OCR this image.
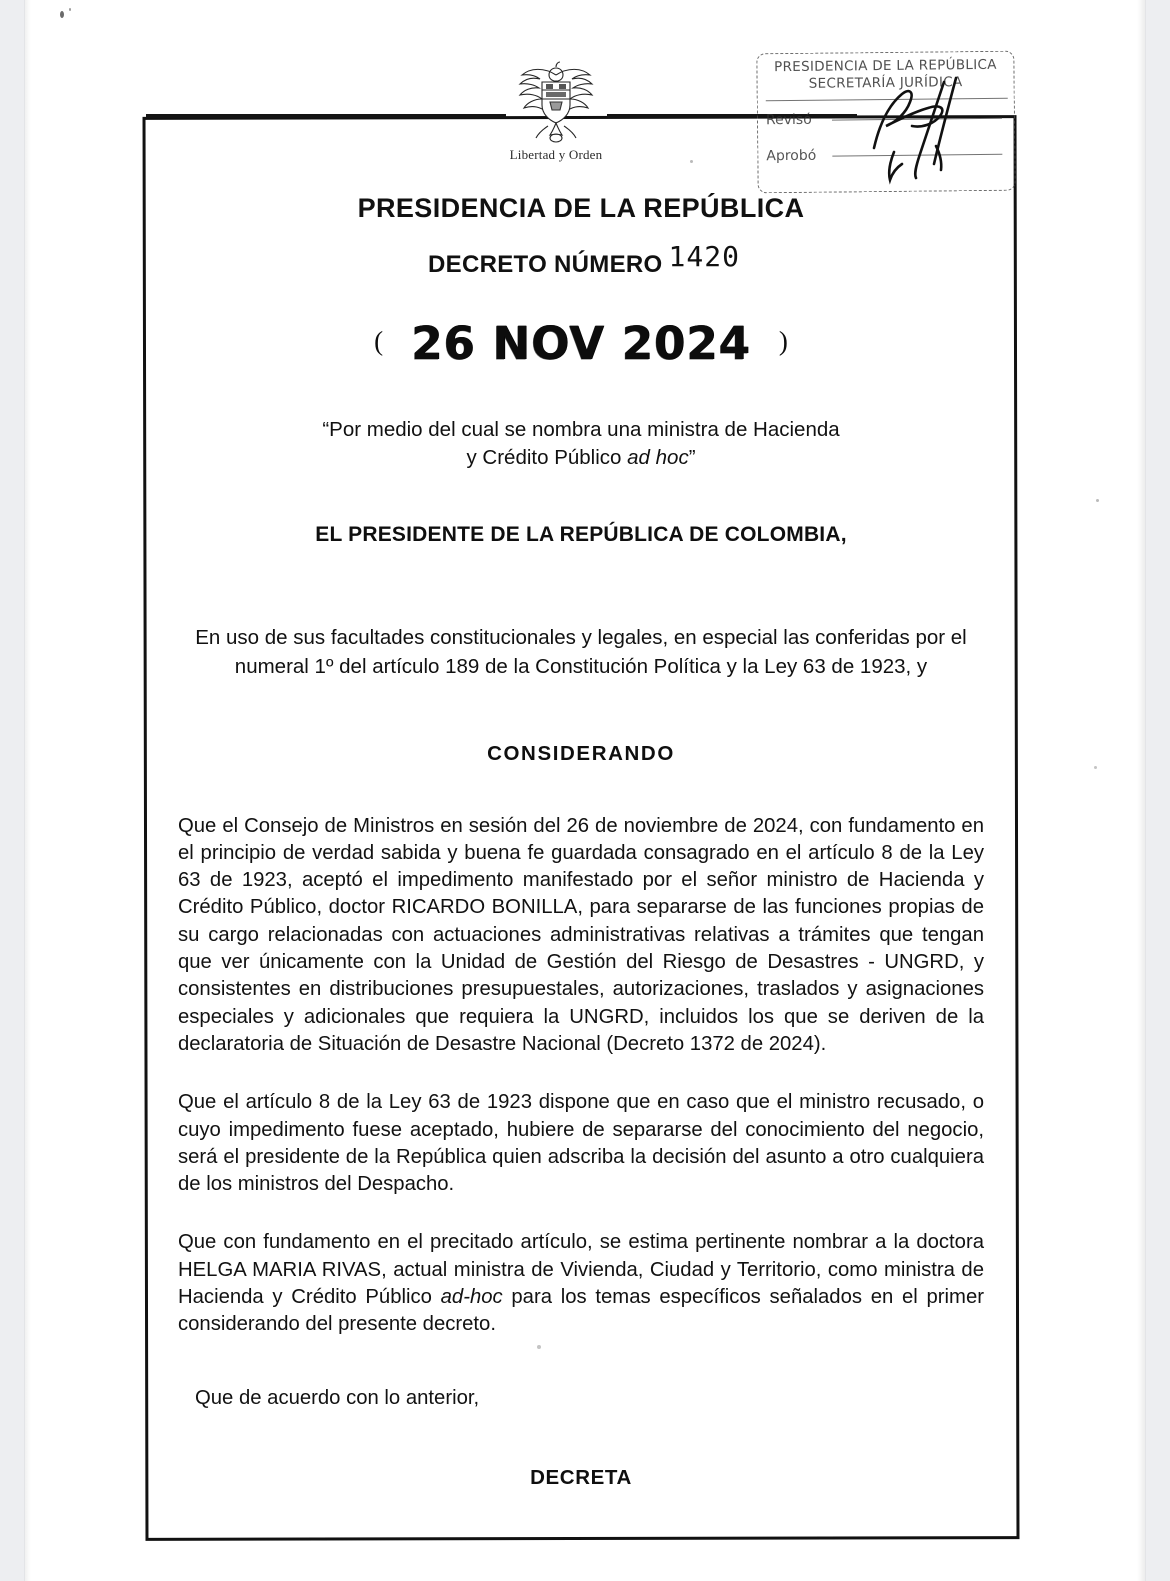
Libertad y Orden
PRESIDENCIA DE LA REPÚBLICA
SECRETARÍA JURÍDICA
Revisó
Aprobó
PRESIDENCIA DE LA REPÚBLICA
DECRETO NÚMERO 1420
( 26 NOV 2024 )
“Por medio del cual se nombra una ministra de Hacienda
y Crédito Público ad hoc”
EL PRESIDENTE DE LA REPÚBLICA DE COLOMBIA,
En uso de sus facultades constitucionales y legales, en especial las conferidas por el numeral 1º del artículo 189 de la Constitución Política y la Ley 63 de 1923, y
CONSIDERANDO
Que el Consejo de Ministros en sesión del 26 de noviembre de 2024, con fundamento en el principio de verdad sabida y buena fe guardada consagrado en el artículo 8 de la Ley 63 de 1923, aceptó el impedimento manifestado por el señor ministro de Hacienda y Crédito Público, doctor RICARDO BONILLA, para separarse de las funciones propias de su cargo relacionadas con actuaciones administrativas relativas a trámites que tengan que ver únicamente con la Unidad de Gestión del Riesgo de Desastres - UNGRD, y consistentes en distribuciones presupuestales, autorizaciones, traslados y asignaciones especiales y adicionales que requiera la UNGRD, incluidos los que se deriven de la declaratoria de Situación de Desastre Nacional (Decreto 1372 de 2024).
Que el artículo 8 de la Ley 63 de 1923 dispone que en caso que el ministro recusado, o cuyo impedimento fuese aceptado, hubiere de separarse del conocimiento del negocio, será el presidente de la República quien adscriba la decisión del asunto a otro cualquiera de los ministros del Despacho.
Que con fundamento en el precitado artículo, se estima pertinente nombrar a la doctora HELGA MARIA RIVAS, actual ministra de Vivienda, Ciudad y Territorio, como ministra de Hacienda y Crédito Público ad-hoc para los temas específicos señalados en el primer considerando del presente decreto.
Que de acuerdo con lo anterior,
DECRETA
